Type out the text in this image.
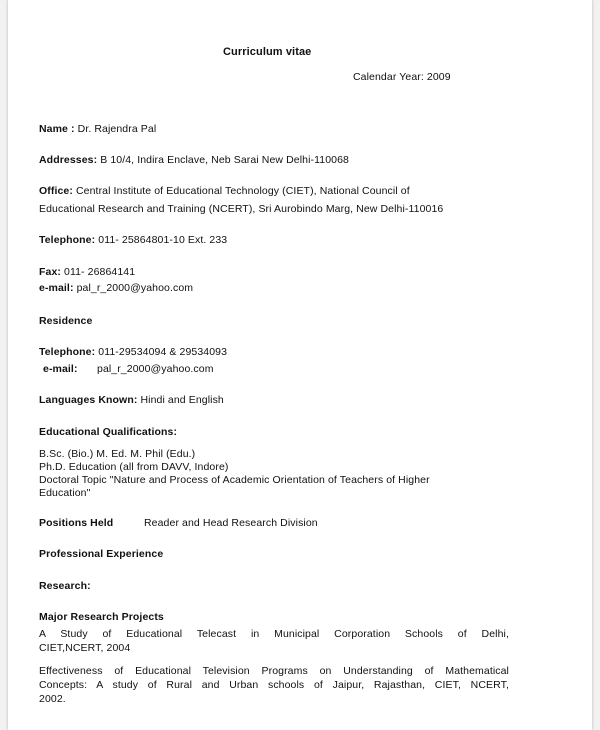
Curriculum vitae
Calendar Year: 2009
Name : Dr. Rajendra Pal
Addresses: B 10/4, Indira Enclave, Neb Sarai New Delhi-110068
Office: Central Institute of Educational Technology (CIET), National Council of
Educational Research and Training (NCERT), Sri Aurobindo Marg, New Delhi-110016
Telephone: 011- 25864801-10 Ext. 233
Fax: 011- 26864141
e-mail: pal_r_2000@yahoo.com
Residence
Telephone: 011-29534094 & 29534093
e-mail: pal_r_2000@yahoo.com
Languages Known: Hindi and English
Educational Qualifications:
B.Sc. (Bio.) M. Ed. M. Phil (Edu.)
Ph.D. Education (all from DAVV, Indore)
Doctoral Topic "Nature and Process of Academic Orientation of Teachers of Higher
Education"
Positions Held	Reader and Head Research Division
Professional Experience
Research:
Major Research Projects
A Study of Educational Telecast in Municipal Corporation Schools of Delhi,
CIET,NCERT, 2004
Effectiveness of Educational Television Programs on Understanding of Mathematical
Concepts: A study of Rural and Urban schools of Jaipur, Rajasthan, CIET, NCERT,
2002.
